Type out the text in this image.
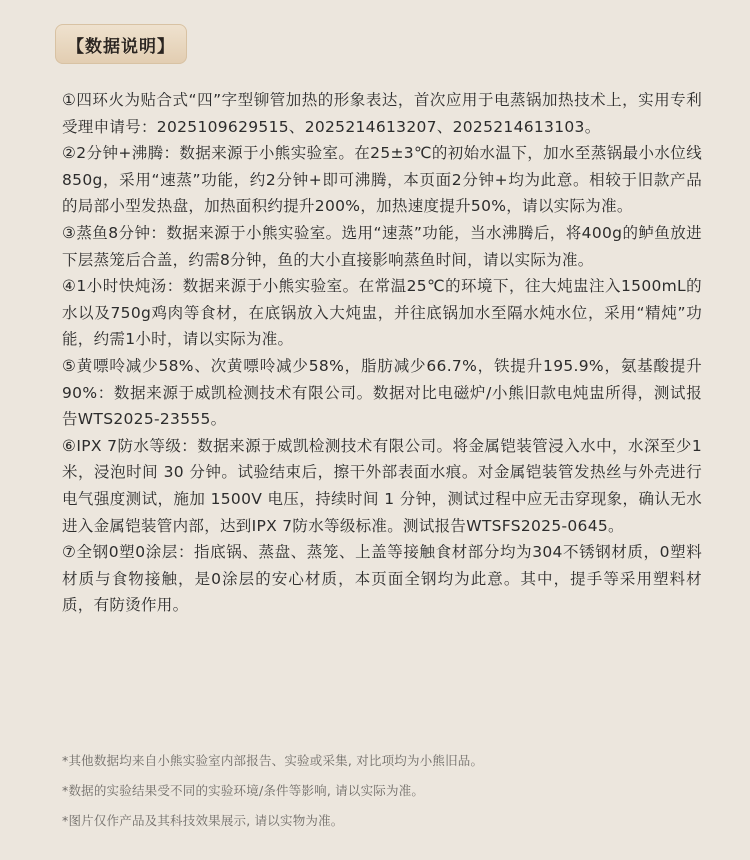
【数据说明】

①四环火为贴合式“四”字型铆管加热的形象表达，首次应用于电蒸锅加热技术上，实用专利受理申请号：2025109629515、2025214613207、2025214613103。

②2分钟+沸腾：数据来源于小熊实验室。在25±3℃的初始水温下，加水至蒸锅最小水位线850g，采用“速蒸”功能，约2分钟+即可沸腾，本页面2分钟+均为此意。相较于旧款产品的局部小型发热盘，加热面积约提升200%，加热速度提升50%，请以实际为准。

③蒸鱼8分钟：数据来源于小熊实验室。选用“速蒸”功能，当水沸腾后，将400g的鲈鱼放进下层蒸笼后合盖，约需8分钟，鱼的大小直接影响蒸鱼时间，请以实际为准。

④1小时快炖汤：数据来源于小熊实验室。在常温25℃的环境下，往大炖盅注入1500mL的水以及750g鸡肉等食材，在底锅放入大炖盅，并往底锅加水至隔水炖水位，采用“精炖”功能，约需1小时，请以实际为准。

⑤黄嘌呤减少58%、次黄嘌呤减少58%，脂肪减少66.7%，铁提升195.9%，氨基酸提升90%：数据来源于威凯检测技术有限公司。数据对比电磁炉/小熊旧款电炖盅所得，测试报告WTS2025-23555。

⑥IPX 7防水等级：数据来源于威凯检测技术有限公司。将金属铠装管浸入水中，水深至少1米，浸泡时间 30 分钟。试验结束后，擦干外部表面水痕。对金属铠装管发热丝与外壳进行电气强度测试，施加 1500V 电压，持续时间 1 分钟，测试过程中应无击穿现象，确认无水进入金属铠装管内部，达到IPX 7防水等级标准。测试报告WTSFS2025-0645。

⑦全钢0塑0涂层：指底锅、蒸盘、蒸笼、上盖等接触食材部分均为304不锈钢材质，0塑料材质与食物接触，是0涂层的安心材质，本页面全钢均为此意。其中，提手等采用塑料材质，有防烫作用。

*其他数据均来自小熊实验室内部报告、实验或采集, 对比项均为小熊旧品。

*数据的实验结果受不同的实验环境/条件等影响, 请以实际为准。

*图片仅作产品及其科技效果展示, 请以实物为准。
